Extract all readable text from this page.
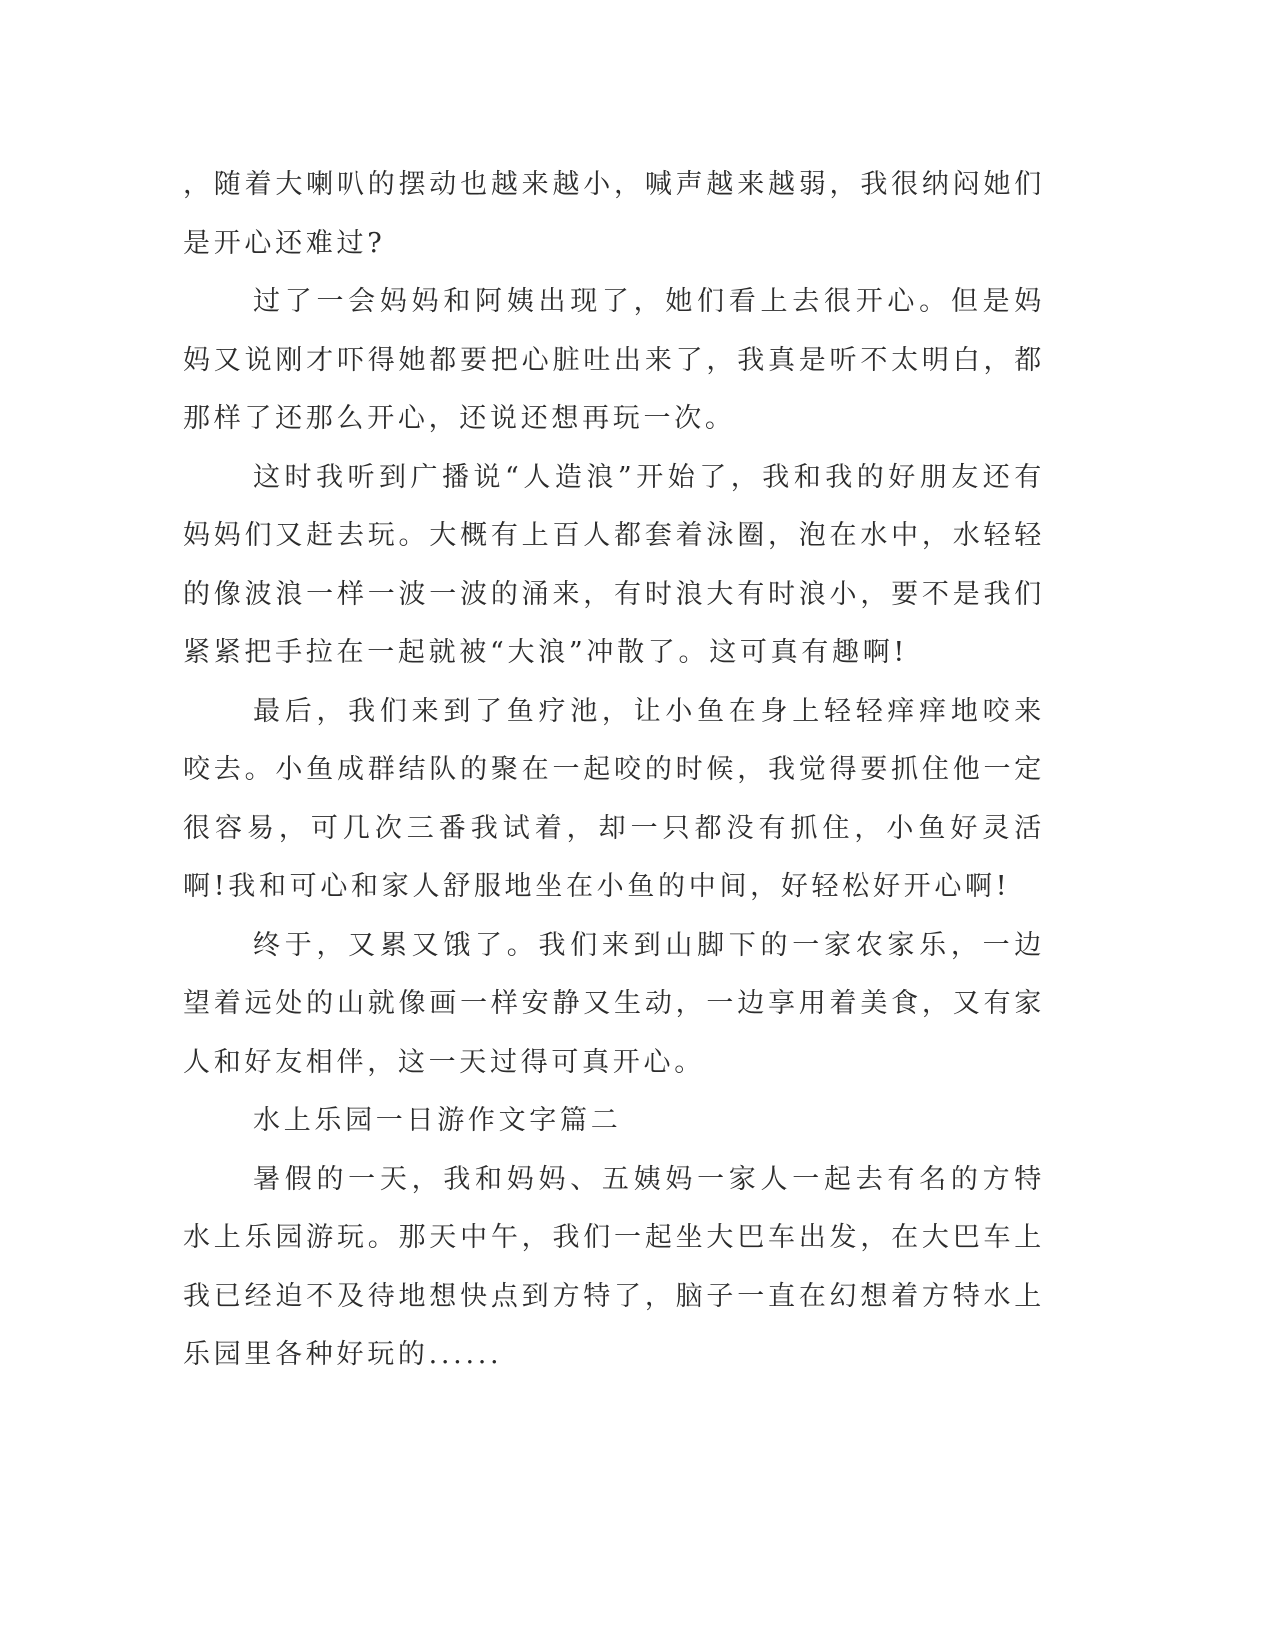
，随着大喇叭的摆动也越来越小，喊声越来越弱，我很纳闷她们是开心还难过?

过了一会妈妈和阿姨出现了，她们看上去很开心。但是妈妈又说刚才吓得她都要把心脏吐出来了，我真是听不太明白，都那样了还那么开心，还说还想再玩一次。

这时我听到广播说“人造浪”开始了，我和我的好朋友还有妈妈们又赶去玩。大概有上百人都套着泳圈，泡在水中，水轻轻的像波浪一样一波一波的涌来，有时浪大有时浪小，要不是我们紧紧把手拉在一起就被“大浪”冲散了。这可真有趣啊!

最后，我们来到了鱼疗池，让小鱼在身上轻轻痒痒地咬来咬去。小鱼成群结队的聚在一起咬的时候，我觉得要抓住他一定很容易，可几次三番我试着，却一只都没有抓住，小鱼好灵活啊!我和可心和家人舒服地坐在小鱼的中间，好轻松好开心啊!

终于，又累又饿了。我们来到山脚下的一家农家乐，一边望着远处的山就像画一样安静又生动，一边享用着美食，又有家人和好友相伴，这一天过得可真开心。

水上乐园一日游作文字篇二

暑假的一天，我和妈妈、五姨妈一家人一起去有名的方特水上乐园游玩。那天中午，我们一起坐大巴车出发，在大巴车上我已经迫不及待地想快点到方特了，脑子一直在幻想着方特水上乐园里各种好玩的......
